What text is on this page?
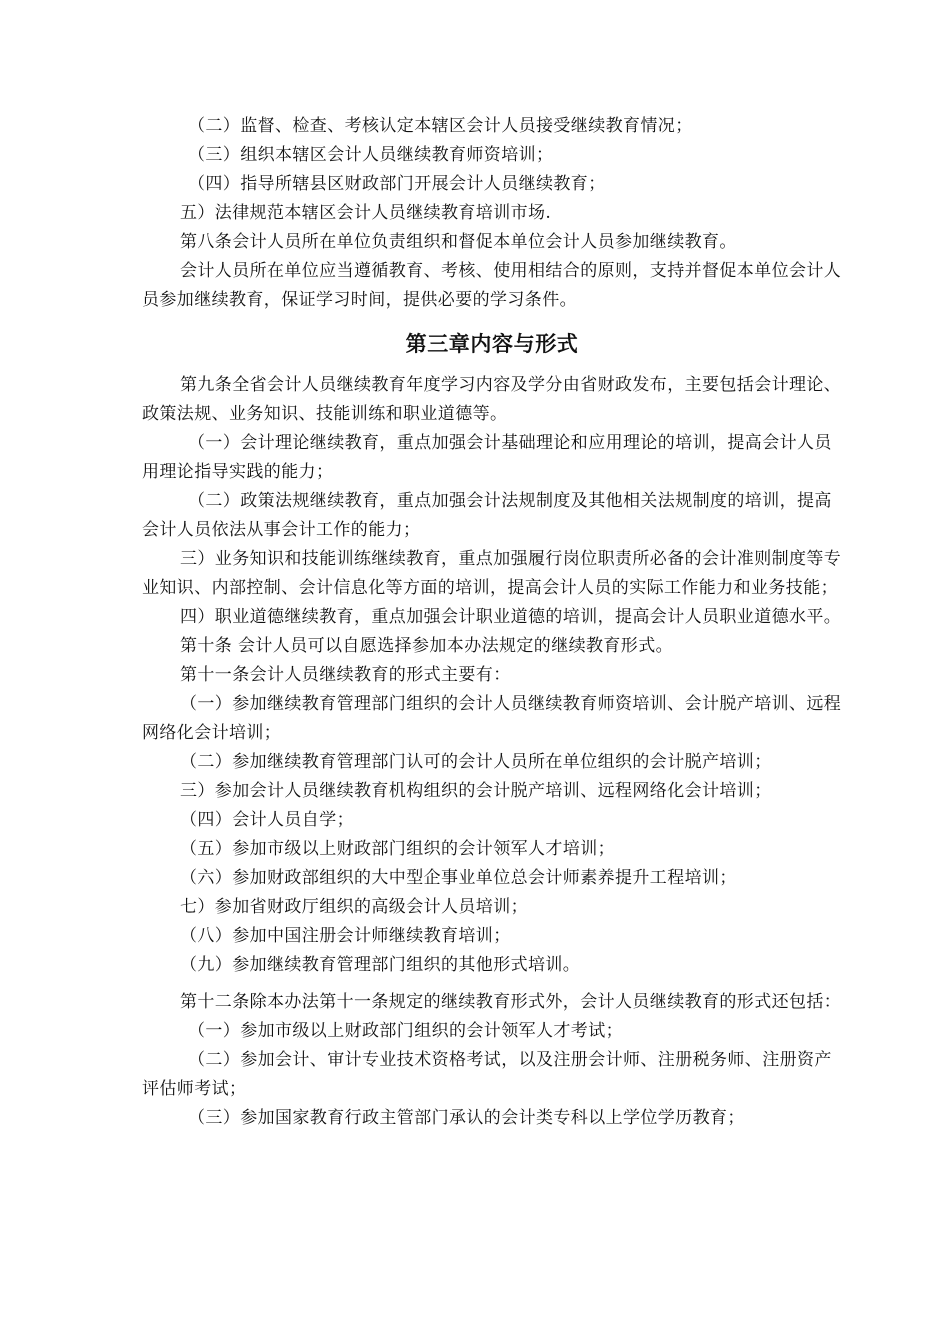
（二）监督、检查、考核认定本辖区会计人员接受继续教育情况；

（三）组织本辖区会计人员继续教育师资培训；

（四）指导所辖县区财政部门开展会计人员继续教育；

五）法律规范本辖区会计人员继续教育培训市场.

第八条会计人员所在单位负责组织和督促本单位会计人员参加继续教育。

会计人员所在单位应当遵循教育、考核、使用相结合的原则，支持并督促本单位会计人员参加继续教育，保证学习时间，提供必要的学习条件。

第三章内容与形式

第九条全省会计人员继续教育年度学习内容及学分由省财政发布，主要包括会计理论、政策法规、业务知识、技能训练和职业道德等。

（一）会计理论继续教育，重点加强会计基础理论和应用理论的培训，提高会计人员用理论指导实践的能力；

（二）政策法规继续教育，重点加强会计法规制度及其他相关法规制度的培训，提高会计人员依法从事会计工作的能力；

三）业务知识和技能训练继续教育，重点加强履行岗位职责所必备的会计准则制度等专业知识、内部控制、会计信息化等方面的培训，提高会计人员的实际工作能力和业务技能；

四）职业道德继续教育，重点加强会计职业道德的培训，提高会计人员职业道德水平。

第十条 会计人员可以自愿选择参加本办法规定的继续教育形式。

第十一条会计人员继续教育的形式主要有：

（一）参加继续教育管理部门组织的会计人员继续教育师资培训、会计脱产培训、远程网络化会计培训；

（二）参加继续教育管理部门认可的会计人员所在单位组织的会计脱产培训；

三）参加会计人员继续教育机构组织的会计脱产培训、远程网络化会计培训；

（四）会计人员自学；

（五）参加市级以上财政部门组织的会计领军人才培训；

（六）参加财政部组织的大中型企事业单位总会计师素养提升工程培训；

七）参加省财政厅组织的高级会计人员培训；

（八）参加中国注册会计师继续教育培训；

（九）参加继续教育管理部门组织的其他形式培训。

第十二条除本办法第十一条规定的继续教育形式外，会计人员继续教育的形式还包括：

（一）参加市级以上财政部门组织的会计领军人才考试；

（二）参加会计、审计专业技术资格考试，以及注册会计师、注册税务师、注册资产评估师考试；

（三）参加国家教育行政主管部门承认的会计类专科以上学位学历教育；
